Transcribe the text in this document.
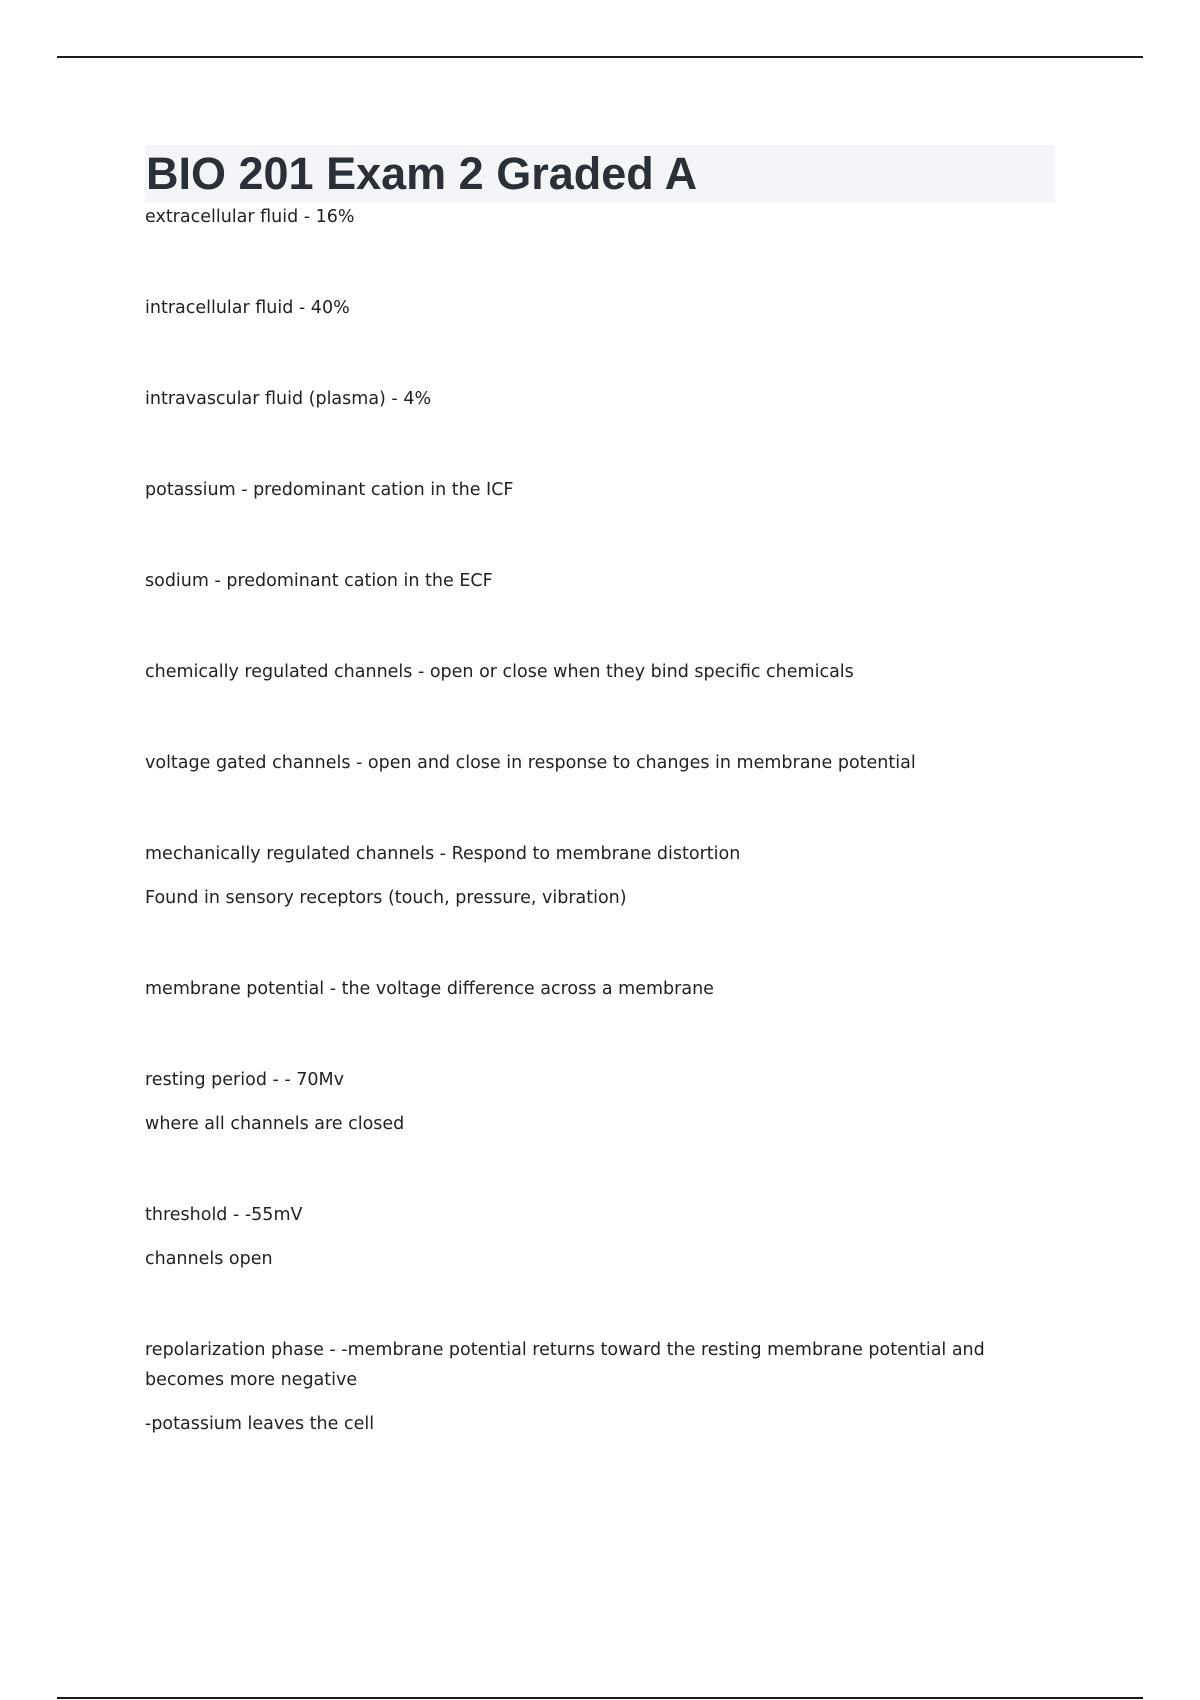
BIO 201 Exam 2 Graded A
extracellular fluid - 16%
intracellular fluid - 40%
intravascular fluid (plasma) - 4%
potassium - predominant cation in the ICF
sodium - predominant cation in the ECF
chemically regulated channels - open or close when they bind specific chemicals
voltage gated channels - open and close in response to changes in membrane potential
mechanically regulated channels - Respond to membrane distortion
Found in sensory receptors (touch, pressure, vibration)
membrane potential - the voltage difference across a membrane
resting period - - 70Mv
where all channels are closed
threshold - -55mV
channels open
repolarization phase - -membrane potential returns toward the resting membrane potential and becomes more negative
-potassium leaves the cell
